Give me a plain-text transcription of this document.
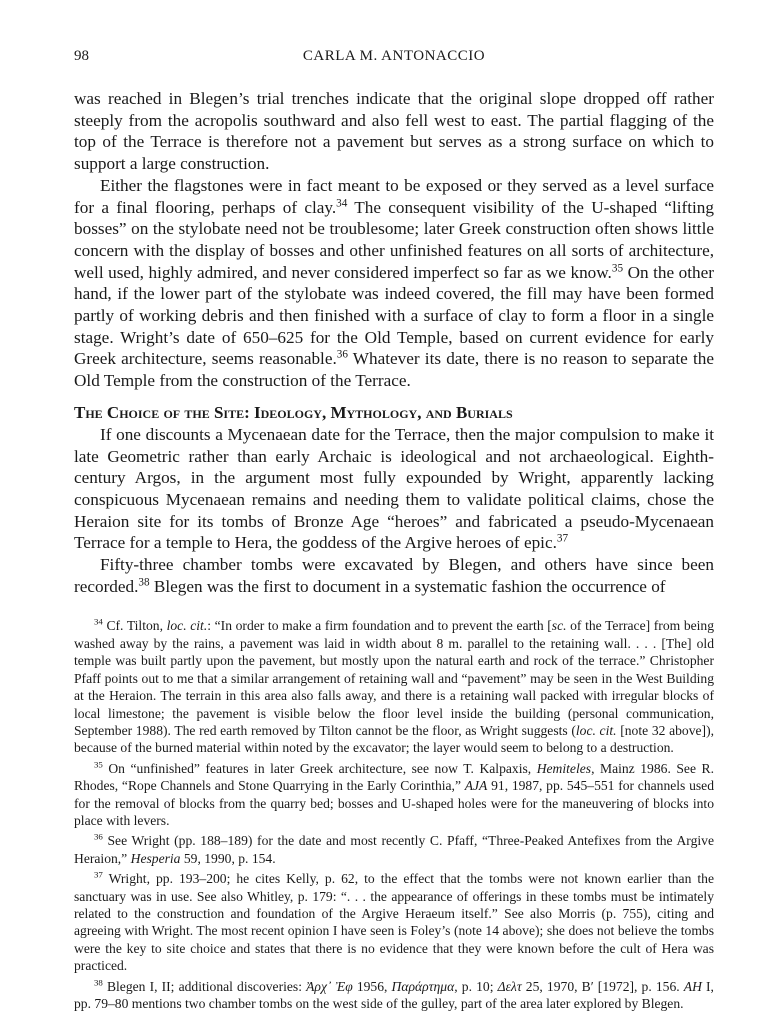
98	CARLA M. ANTONACCIO

was reached in Blegen’s trial trenches indicate that the original slope dropped off rather steeply from the acropolis southward and also fell west to east. The partial flagging of the top of the Terrace is therefore not a pavement but serves as a strong surface on which to support a large construction.

Either the flagstones were in fact meant to be exposed or they served as a level surface for a final flooring, perhaps of clay.$^{34}$ The consequent visibility of the U-shaped “lifting bosses” on the stylobate need not be troublesome; later Greek construction often shows little concern with the display of bosses and other unfinished features on all sorts of architecture, well used, highly admired, and never considered imperfect so far as we know.$^{35}$ On the other hand, if the lower part of the stylobate was indeed covered, the fill may have been formed partly of working debris and then finished with a surface of clay to form a floor in a single stage. Wright’s date of 650–625 for the Old Temple, based on current evidence for early Greek architecture, seems reasonable.$^{36}$ Whatever its date, there is no reason to separate the Old Temple from the construction of the Terrace.

The Choice of the Site: Ideology, Mythology, and Burials

If one discounts a Mycenaean date for the Terrace, then the major compulsion to make it late Geometric rather than early Archaic is ideological and not archaeological. Eighth-century Argos, in the argument most fully expounded by Wright, apparently lacking conspicuous Mycenaean remains and needing them to validate political claims, chose the Heraion site for its tombs of Bronze Age “heroes” and fabricated a pseudo-Mycenaean Terrace for a temple to Hera, the goddess of the Argive heroes of epic.$^{37}$

Fifty-three chamber tombs were excavated by Blegen, and others have since been recorded.$^{38}$ Blegen was the first to document in a systematic fashion the occurrence of

$^{34}$ Cf. Tilton, loc. cit.: “In order to make a firm foundation and to prevent the earth [sc. of the Terrace] from being washed away by the rains, a pavement was laid in width about 8 m. parallel to the retaining wall. . . . [The] old temple was built partly upon the pavement, but mostly upon the natural earth and rock of the terrace.” Christopher Pfaff points out to me that a similar arrangement of retaining wall and “pavement” may be seen in the West Building at the Heraion. The terrain in this area also falls away, and there is a retaining wall packed with irregular blocks of local limestone; the pavement is visible below the floor level inside the building (personal communication, September 1988). The red earth removed by Tilton cannot be the floor, as Wright suggests (loc. cit. [note 32 above]), because of the burned material within noted by the excavator; the layer would seem to belong to a destruction.

$^{35}$ On “unfinished” features in later Greek architecture, see now T. Kalpaxis, Hemiteles, Mainz 1986. See R. Rhodes, “Rope Channels and Stone Quarrying in the Early Corinthia,” AJA 91, 1987, pp. 545–551 for channels used for the removal of blocks from the quarry bed; bosses and U-shaped holes were for the maneuvering of blocks into place with levers.

$^{36}$ See Wright (pp. 188–189) for the date and most recently C. Pfaff, “Three-Peaked Antefixes from the Argive Heraion,” Hesperia 59, 1990, p. 154.

$^{37}$ Wright, pp. 193–200; he cites Kelly, p. 62, to the effect that the tombs were not known earlier than the sanctuary was in use. See also Whitley, p. 179: “. . . the appearance of offerings in these tombs must be intimately related to the construction and foundation of the Argive Heraeum itself.” See also Morris (p. 755), citing and agreeing with Wright. The most recent opinion I have seen is Foley’s (note 14 above); she does not believe the tombs were the key to site choice and states that there is no evidence that they were known before the cult of Hera was practiced.

$^{38}$ Blegen I, II; additional discoveries: Ἀρχ᾽ Ἐφ 1956, Παράρτημα, p. 10; Δελτ 25, 1970, Β′ [1972], p. 156. AH I, pp. 79–80 mentions two chamber tombs on the west side of the gulley, part of the area later explored by Blegen.
